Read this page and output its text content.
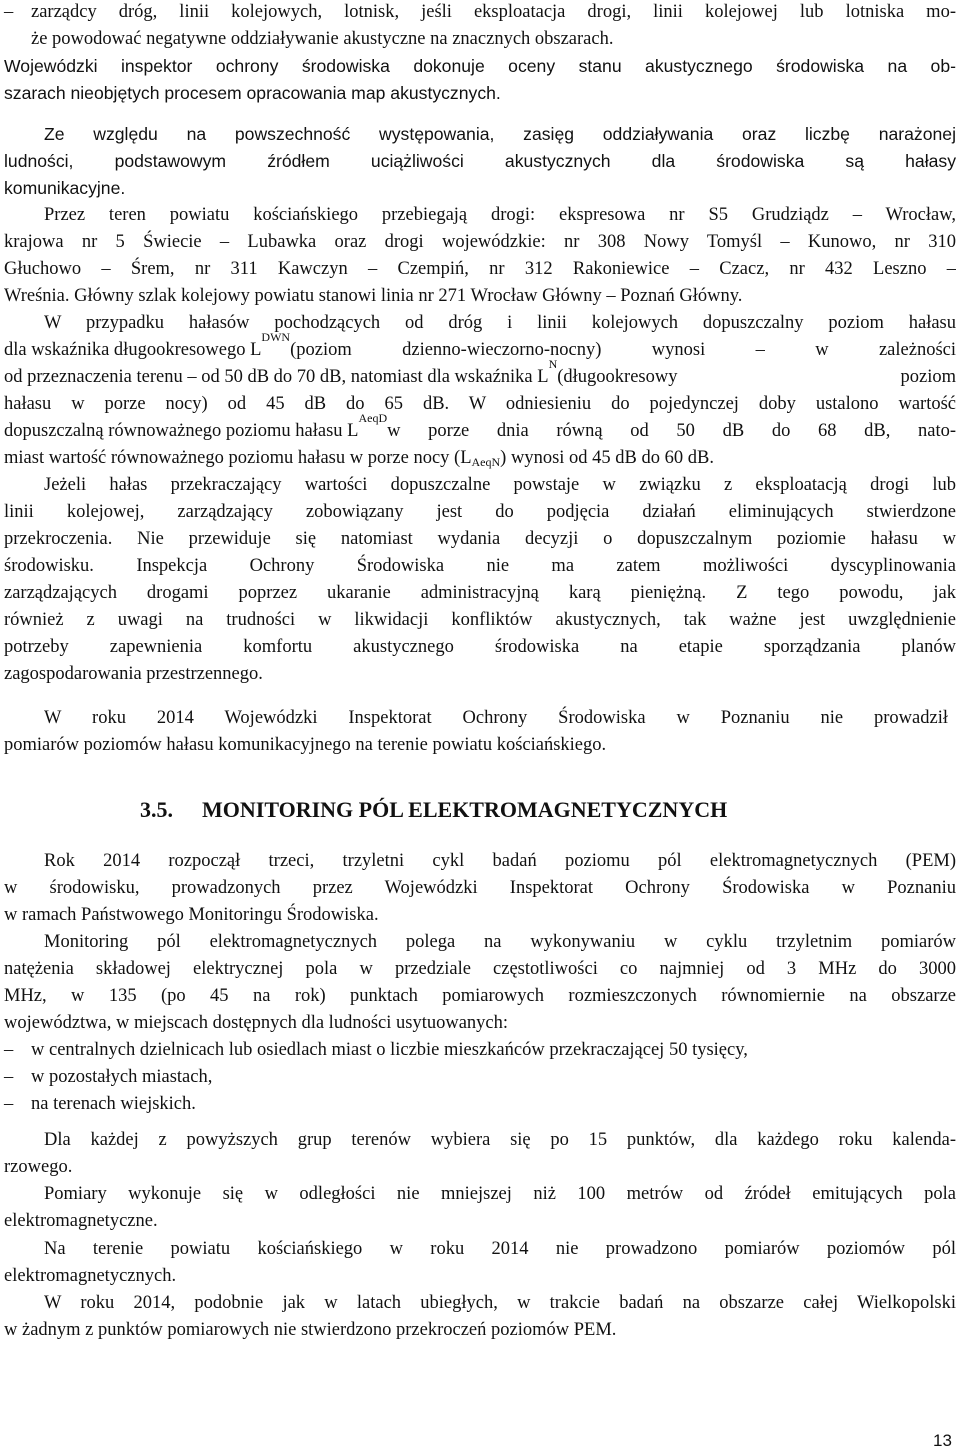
– zarządcy dróg, linii kolejowych, lotnisk, jeśli eksploatacja drogi, linii kolejowej lub lotniska mo-
że powodować negatywne oddziaływanie akustyczne na znacznych obszarach.
Wojewódzki inspektor ochrony środowiska dokonuje oceny stanu akustycznego środowiska na ob-
szarach nieobjętych procesem opracowania map akustycznych.
Ze względu na powszechność występowania, zasięg oddziaływania oraz liczbę narażonej
ludności, podstawowym źródłem uciążliwości akustycznych dla środowiska są hałasy
komunikacyjne.
Przez teren powiatu kościańskiego przebiegają drogi: ekspresowa nr S5 Grudziądz – Wrocław,
krajowa nr 5 Świecie – Lubawka oraz drogi wojewódzkie: nr 308 Nowy Tomyśl – Kunowo, nr 310
Głuchowo – Śrem, nr 311 Kawczyn – Czempiń, nr 312 Rakoniewice – Czacz, nr 432 Leszno –
Wreśnia. Główny szlak kolejowy powiatu stanowi linia nr 271 Wrocław Główny – Poznań Główny.
W przypadku hałasów pochodzących od dróg i linii kolejowych dopuszczalny poziom hałasu
dla wskaźnika długookresowego L
DWN
(poziom dzienno-wieczorno-nocny) wynosi – w zależności
od przeznaczenia terenu – od 50 dB do 70 dB, natomiast dla wskaźnika L
N
(długookresowy poziom
hałasu w porze nocy) od 45 dB do 65 dB. W odniesieniu do pojedynczej doby ustalono wartość
dopuszczalną równoważnego poziomu hałasu L
AeqD
w porze dnia równą od 50 dB do 68 dB, nato-
miast wartość równoważnego poziomu hałasu w porze nocy $(L_{AeqN})$ wynosi od 45 dB do 60 dB.
Jeżeli hałas przekraczający wartości dopuszczalne powstaje w związku z eksploatacją drogi lub
linii kolejowej, zarządzający zobowiązany jest do podjęcia działań eliminujących stwierdzone
przekroczenia. Nie przewiduje się natomiast wydania decyzji o dopuszczalnym poziomie hałasu w
środowisku. Inspekcja Ochrony Środowiska nie ma zatem możliwości dyscyplinowania
zarządzających drogami poprzez ukaranie administracyjną karą pieniężną. Z tego powodu, jak
również z uwagi na trudności w likwidacji konfliktów akustycznych, tak ważne jest uwzględnienie
potrzeby zapewnienia komfortu akustycznego środowiska na etapie sporządzania planów
zagospodarowania przestrzennego.
W roku 2014 Wojewódzki Inspektorat Ochrony Środowiska w Poznaniu nie prowadził
pomiarów poziomów hałasu komunikacyjnego na terenie powiatu kościańskiego.
3.5. MONITORING PÓL ELEKTROMAGNETYCZNYCH
Rok 2014 rozpoczął trzeci, trzyletni cykl badań poziomu pól elektromagnetycznych (PEM)
w środowisku, prowadzonych przez Wojewódzki Inspektorat Ochrony Środowiska w Poznaniu
w ramach Państwowego Monitoringu Środowiska.
Monitoring pól elektromagnetycznych polega na wykonywaniu w cyklu trzyletnim pomiarów
natężenia składowej elektrycznej pola w przedziale częstotliwości co najmniej od 3 MHz do 3000
MHz, w 135 (po 45 na rok) punktach pomiarowych rozmieszczonych równomiernie na obszarze
województwa, w miejscach dostępnych dla ludności usytuowanych:
– w centralnych dzielnicach lub osiedlach miast o liczbie mieszkańców przekraczającej 50 tysięcy,
– w pozostałych miastach,
– na terenach wiejskich.
Dla każdej z powyższych grup terenów wybiera się po 15 punktów, dla każdego roku kalenda-
rzowego.
Pomiary wykonuje się w odległości nie mniejszej niż 100 metrów od źródeł emitujących pola
elektromagnetyczne.
Na terenie powiatu kościańskiego w roku 2014 nie prowadzono pomiarów poziomów pól
elektromagnetycznych.
W roku 2014, podobnie jak w latach ubiegłych, w trakcie badań na obszarze całej Wielkopolski
w żadnym z punktów pomiarowych nie stwierdzono przekroczeń poziomów PEM.
13
